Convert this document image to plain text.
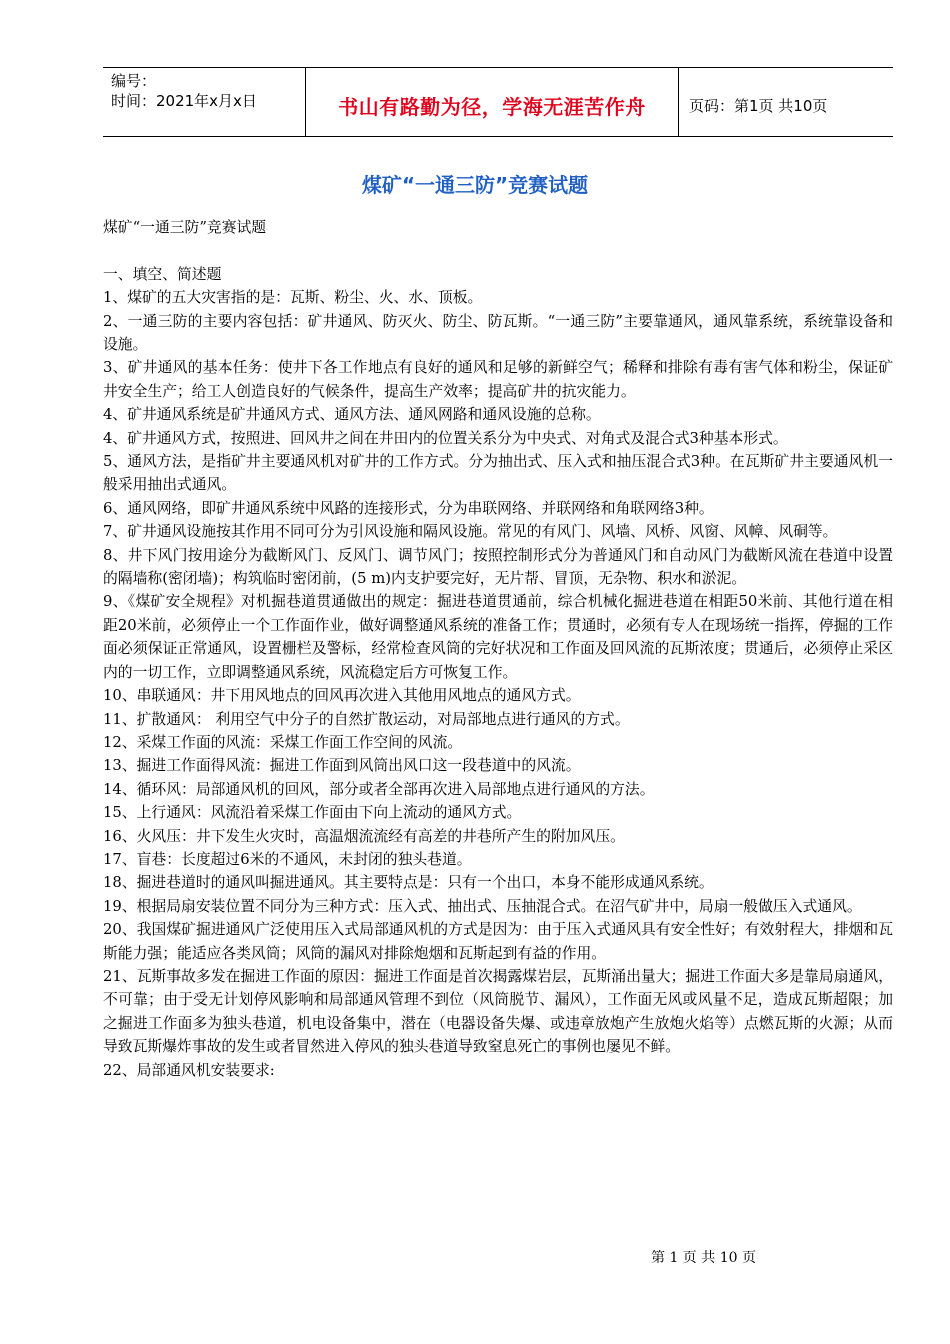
编号：
时间：2021年x月x日	书山有路勤为径，学海无涯苦作舟	页码：第1页 共10页
煤矿“一通三防”竞赛试题

煤矿“一通三防”竞赛试题

一、填空、简述题

1、煤矿的五大灾害指的是：瓦斯、粉尘、火、水、顶板。

2、一通三防的主要内容包括：矿井通风、防灭火、防尘、防瓦斯。“一通三防”主要靠通风，通风靠系统，系统靠设备和设施。

3、矿井通风的基本任务：使井下各工作地点有良好的通风和足够的新鲜空气；稀释和排除有毒有害气体和粉尘，保证矿井安全生产；给工人创造良好的气候条件，提高生产效率；提高矿井的抗灾能力。

4、矿井通风系统是矿井通风方式、通风方法、通风网路和通风设施的总称。

4、矿井通风方式，按照进、回风井之间在井田内的位置关系分为中央式、对角式及混合式3种基本形式。

5、通风方法，是指矿井主要通风机对矿井的工作方式。分为抽出式、压入式和抽压混合式3种。在瓦斯矿井主要通风机一般采用抽出式通风。

6、通风网络，即矿井通风系统中风路的连接形式，分为串联网络、并联网络和角联网络3种。

7、矿井通风设施按其作用不同可分为引风设施和隔风设施。常见的有风门、风墙、风桥、风窗、风幛、风硐等。

8、井下风门按用途分为截断风门、反风门、调节风门；按照控制形式分为普通风门和自动风门为截断风流在巷道中设置的隔墙称(密闭墙)；构筑临时密闭前，(5 m)内支护要完好，无片帮、冒顶，无杂物、积水和淤泥。

9、《煤矿安全规程》对机掘巷道贯通做出的规定：掘进巷道贯通前，综合机械化掘进巷道在相距50米前、其他行道在相距20米前，必须停止一个工作面作业，做好调整通风系统的准备工作；贯通时，必须有专人在现场统一指挥，停掘的工作面必须保证正常通风，设置栅栏及警标，经常检查风筒的完好状况和工作面及回风流的瓦斯浓度；贯通后，必须停止采区内的一切工作，立即调整通风系统，风流稳定后方可恢复工作。

10、串联通风：井下用风地点的回风再次进入其他用风地点的通风方式。

11、扩散通风： 利用空气中分子的自然扩散运动，对局部地点进行通风的方式。

12、采煤工作面的风流：采煤工作面工作空间的风流。

13、掘进工作面得风流：掘进工作面到风筒出风口这一段巷道中的风流。

14、循环风：局部通风机的回风，部分或者全部再次进入局部地点进行通风的方法。

15、上行通风：风流沿着采煤工作面由下向上流动的通风方式。

16、火风压：井下发生火灾时，高温烟流流经有高差的井巷所产生的附加风压。

17、盲巷：长度超过6米的不通风，未封闭的独头巷道。

18、掘进巷道时的通风叫掘进通风。其主要特点是：只有一个出口，本身不能形成通风系统。

19、根据局扇安装位置不同分为三种方式：压入式、抽出式、压抽混合式。在沼气矿井中，局扇一般做压入式通风。

20、我国煤矿掘进通风广泛使用压入式局部通风机的方式是因为：由于压入式通风具有安全性好；有效射程大，排烟和瓦斯能力强；能适应各类风筒；风筒的漏风对排除炮烟和瓦斯起到有益的作用。

21、瓦斯事故多发在掘进工作面的原因：掘进工作面是首次揭露煤岩层，瓦斯涌出量大；掘进工作面大多是靠局扇通风，不可靠；由于受无计划停风影响和局部通风管理不到位（风筒脱节、漏风），工作面无风或风量不足，造成瓦斯超限；加之掘进工作面多为独头巷道，机电设备集中，潜在（电器设备失爆、或违章放炮产生放炮火焰等）点燃瓦斯的火源；从而导致瓦斯爆炸事故的发生或者冒然进入停风的独头巷道导致窒息死亡的事例也屡见不鲜。

22、局部通风机安装要求:

第 1 页 共 10 页
